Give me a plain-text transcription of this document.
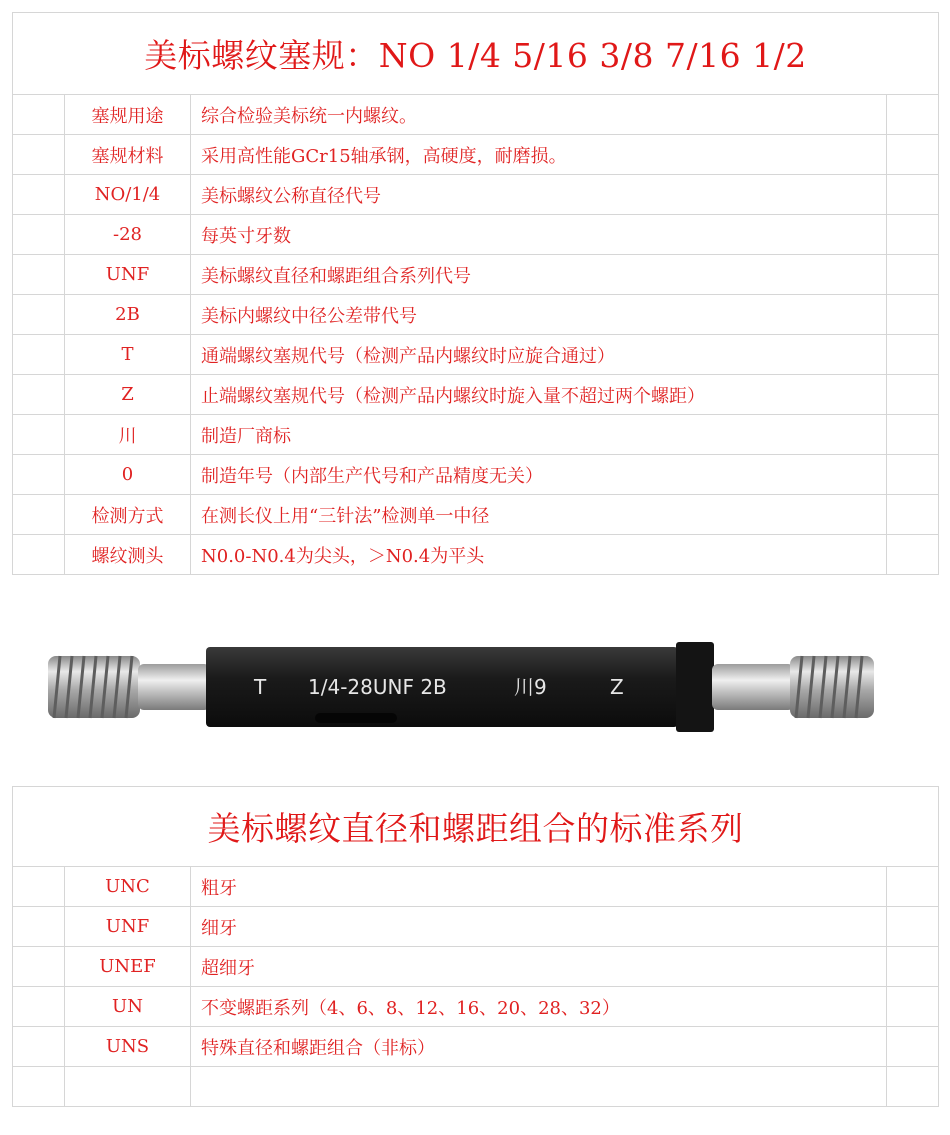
美标螺纹塞规：NO 1/4 5/16 3/8 7/16 1/2
塞规用途	综合检验美标统一内螺纹。
塞规材料	采用高性能GCr15轴承钢，高硬度，耐磨损。
NO/1/4	美标螺纹公称直径代号
-28	每英寸牙数
UNF	美标螺纹直径和螺距组合系列代号
2B	美标内螺纹中径公差带代号
T	通端螺纹塞规代号（检测产品内螺纹时应旋合通过）
Z	止端螺纹塞规代号（检测产品内螺纹时旋入量不超过两个螺距）
川	制造厂商标
0	制造年号（内部生产代号和产品精度无关）
检测方式	在测长仪上用“三针法”检测单一中径
螺纹测头	N0.0-N0.4为尖头，＞N0.4为平头
T 1/4-28UNF 2B	川9	Z
美标螺纹直径和螺距组合的标准系列
UNC	粗牙
UNF	细牙
UNEF	超细牙
UN	不变螺距系列（4、6、8、12、16、20、28、32）
UNS	特殊直径和螺距组合（非标）
